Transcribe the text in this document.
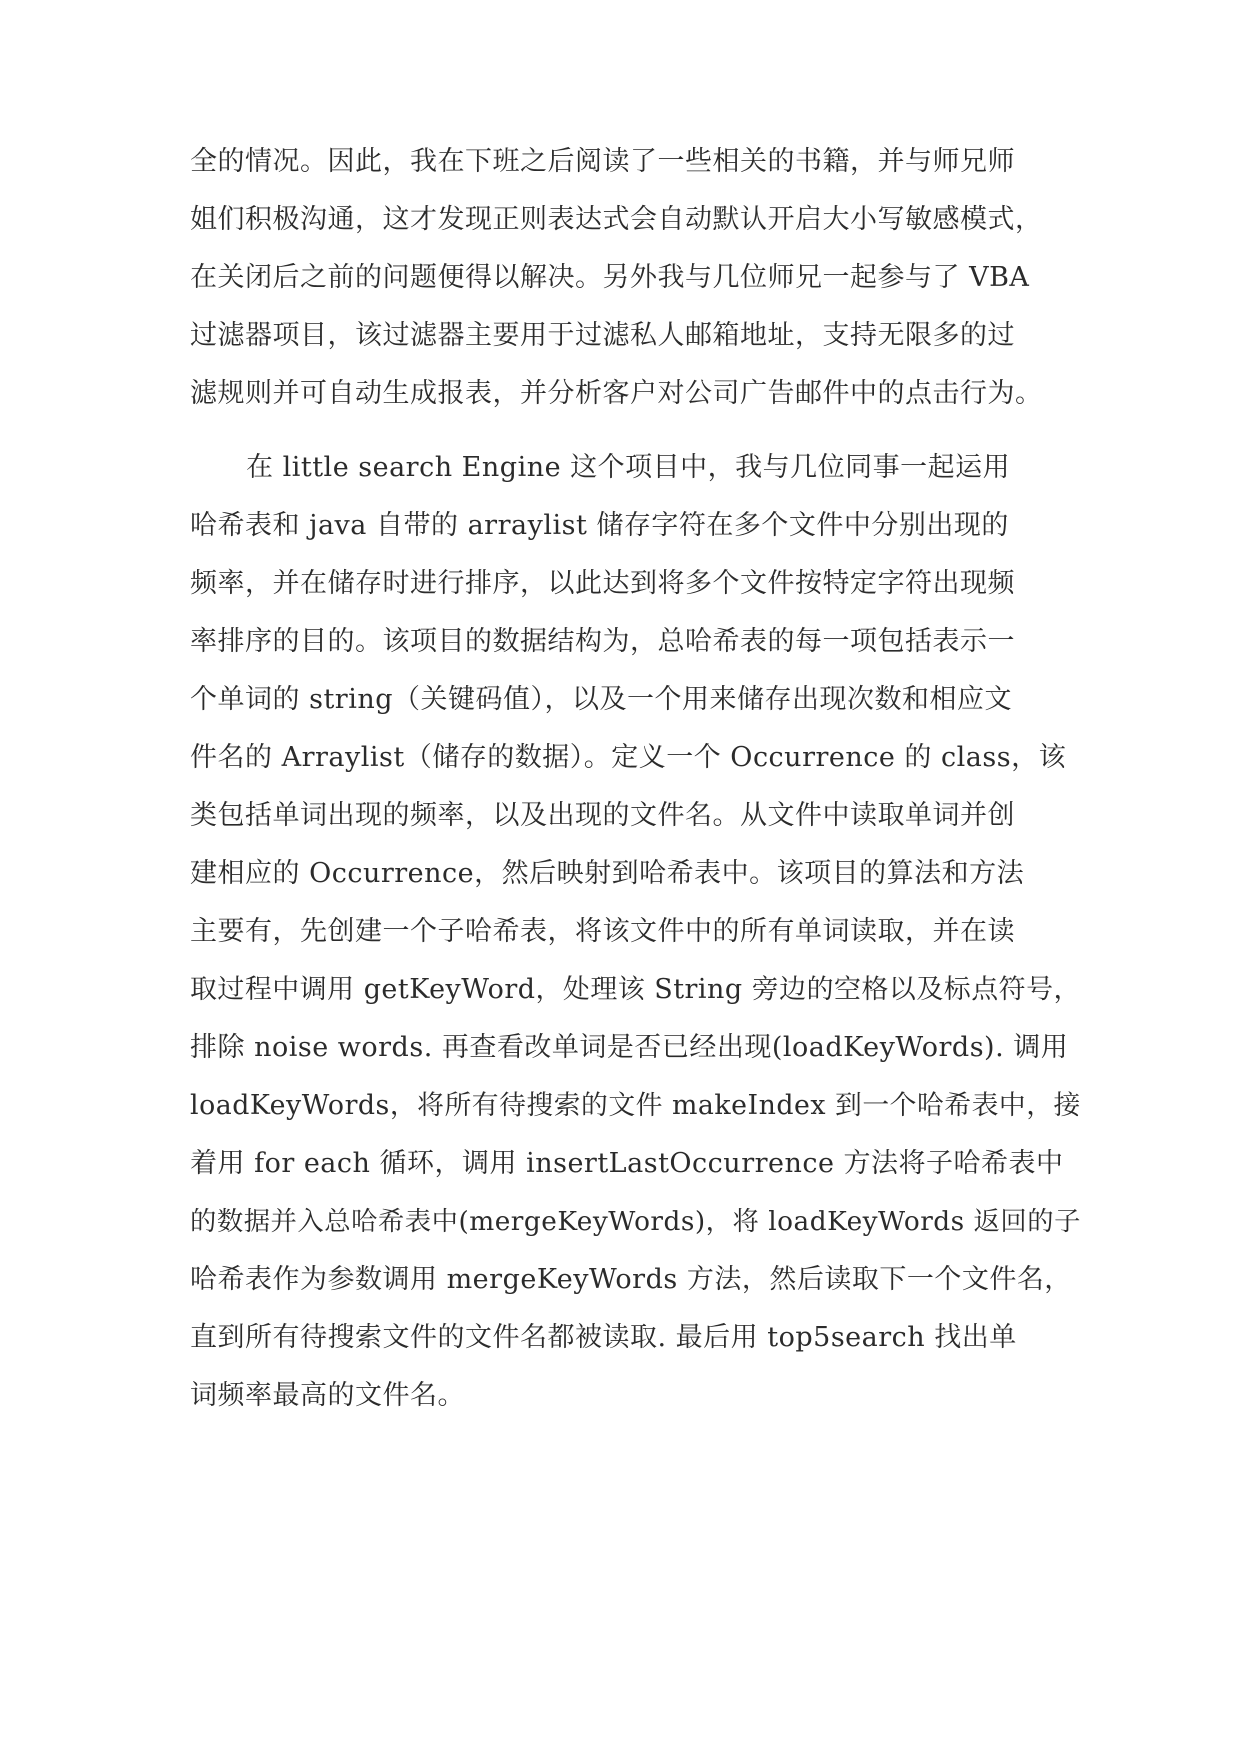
全的情况。因此，我在下班之后阅读了一些相关的书籍，并与师兄师
姐们积极沟通，这才发现正则表达式会自动默认开启大小写敏感模式，
在关闭后之前的问题便得以解决。另外我与几位师兄一起参与了 VBA
过滤器项目，该过滤器主要用于过滤私人邮箱地址，支持无限多的过
滤规则并可自动生成报表，并分析客户对公司广告邮件中的点击行为。
在 little search Engine 这个项目中，我与几位同事一起运用
哈希表和 java 自带的 arraylist 储存字符在多个文件中分别出现的
频率，并在储存时进行排序，以此达到将多个文件按特定字符出现频
率排序的目的。该项目的数据结构为，总哈希表的每一项包括表示一
个单词的 string（关键码值），以及一个用来储存出现次数和相应文
件名的 Arraylist（储存的数据）。定义一个 Occurrence 的 class，该
类包括单词出现的频率，以及出现的文件名。从文件中读取单词并创
建相应的 Occurrence，然后映射到哈希表中。该项目的算法和方法
主要有，先创建一个子哈希表，将该文件中的所有单词读取，并在读
取过程中调用 getKeyWord，处理该 String 旁边的空格以及标点符号，
排除 noise words. 再查看改单词是否已经出现(loadKeyWords). 调用
loadKeyWords，将所有待搜索的文件 makeIndex 到一个哈希表中，接
着用 for each 循环，调用 insertLastOccurrence 方法将子哈希表中
的数据并入总哈希表中(mergeKeyWords)，将 loadKeyWords 返回的子
哈希表作为参数调用 mergeKeyWords 方法，然后读取下一个文件名，
直到所有待搜索文件的文件名都被读取. 最后用 top5search 找出单
词频率最高的文件名。
